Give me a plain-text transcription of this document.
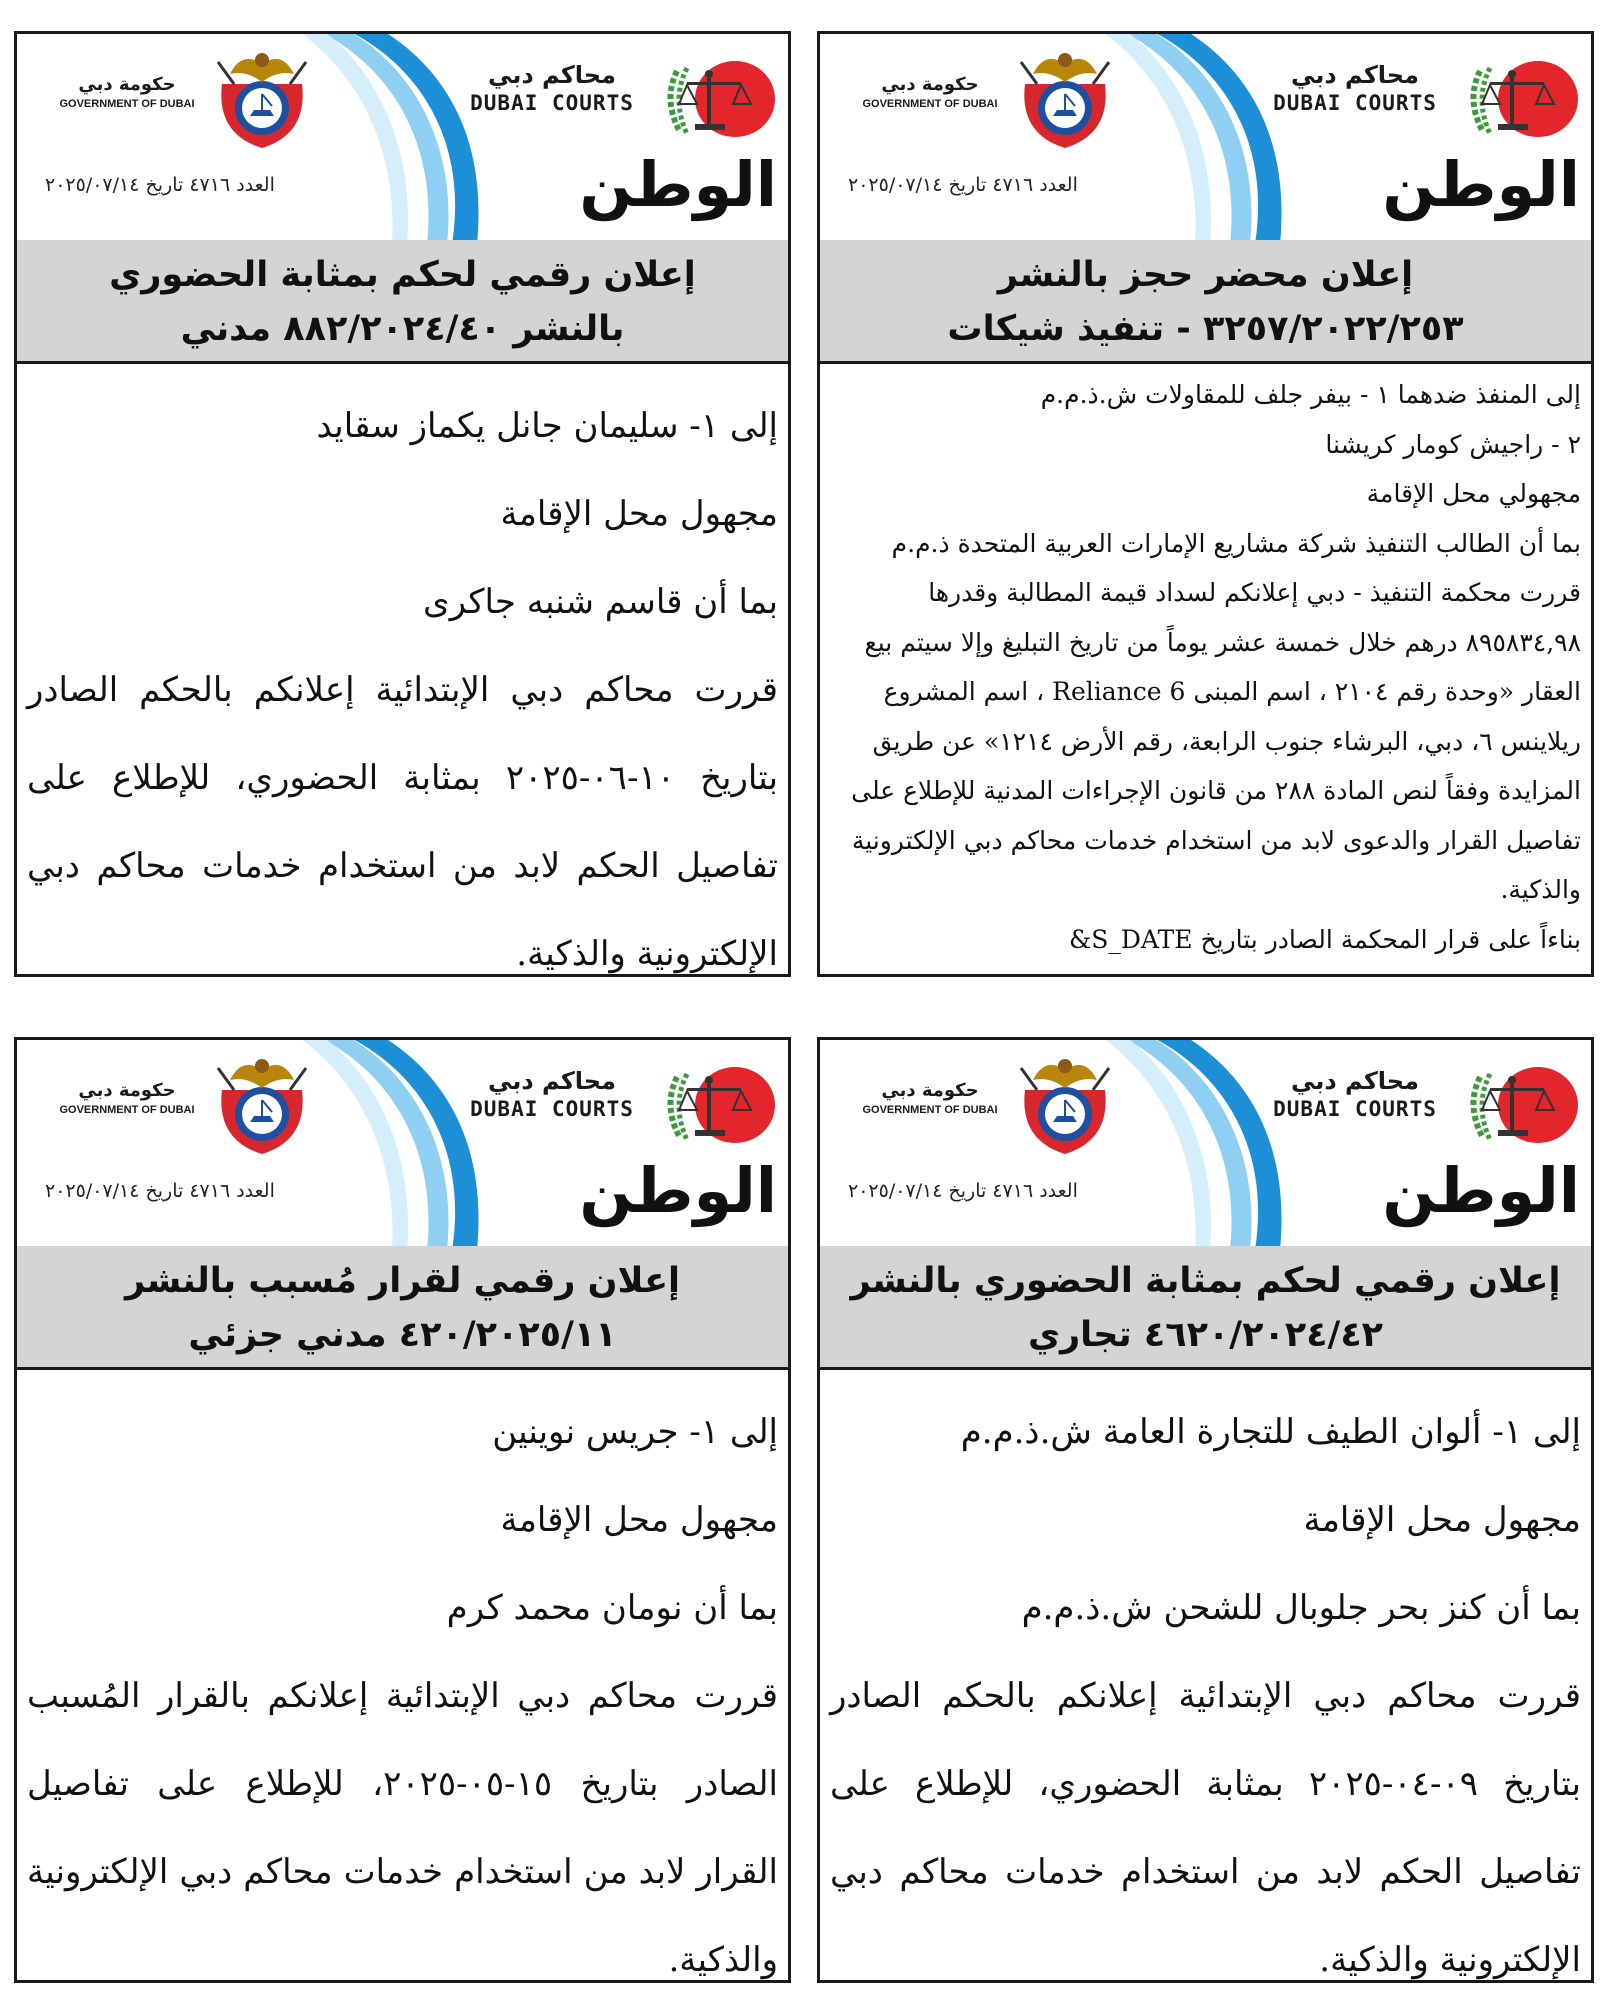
محاكم دبي
DUBAI COURTS
حكومة دبي
GOVERNMENT OF DUBAI
العدد ٤٧١٦ تاريخ ٢٠٢٥/٠٧/١٤	الوطن
إعلان محضر حجز بالنشر
٣٢٥٧/٢٠٢٢/٢٥٣ - تنفيذ شيكات

إلى المنفذ ضدهما ١ - بيفر جلف للمقاولات ش.ذ.م.م

٢ - راجيش كومار كريشنا

مجهولي محل الإقامة

بما أن الطالب التنفيذ شركة مشاريع الإمارات العربية المتحدة ذ.م.م قررت محكمة التنفيذ - دبي إعلانكم لسداد قيمة المطالبة وقدرها ٨٩٥٨٣٤,٩٨ درهم خلال خمسة عشر يوماً من تاريخ التبليغ وإلا سيتم بيع العقار «وحدة رقم ٢١٠٤ ، اسم المبنى Reliance 6 ، اسم المشروع ريلاينس ٦، دبي، البرشاء جنوب الرابعة، رقم الأرض ١٢١٤» عن طريق المزايدة وفقاً لنص المادة ٢٨٨ من قانون الإجراءات المدنية للإطلاع على تفاصيل القرار والدعوى لابد من استخدام خدمات محاكم دبي الإلكترونية والذكية.

بناءاً على قرار المحكمة الصادر بتاريخ S_DATE&

محاكم دبي
DUBAI COURTS
حكومة دبي
GOVERNMENT OF DUBAI
العدد ٤٧١٦ تاريخ ٢٠٢٥/٠٧/١٤	الوطن
إعلان رقمي لحكم بمثابة الحضوري
بالنشر ٨٨٢/٢٠٢٤/٤٠ مدني

إلى ١- سليمان جانل يكماز سقايد

مجهول محل الإقامة

بما أن قاسم شنبه جاكرى

قررت محاكم دبي الإبتدائية إعلانكم بالحكم الصادر بتاريخ ١٠-٠٦-٢٠٢٥ بمثابة الحضوري، للإطلاع على تفاصيل الحكم لابد من استخدام خدمات محاكم دبي الإلكترونية والذكية.

محاكم دبي
DUBAI COURTS
حكومة دبي
GOVERNMENT OF DUBAI
العدد ٤٧١٦ تاريخ ٢٠٢٥/٠٧/١٤	الوطن
إعلان رقمي لحكم بمثابة الحضوري بالنشر
٤٦٢٠/٢٠٢٤/٤٢ تجاري

إلى ١- ألوان الطيف للتجارة العامة ش.ذ.م.م

مجهول محل الإقامة

بما أن كنز بحر جلوبال للشحن ش.ذ.م.م

قررت محاكم دبي الإبتدائية إعلانكم بالحكم الصادر بتاريخ ٠٩-٠٤-٢٠٢٥ بمثابة الحضوري، للإطلاع على تفاصيل الحكم لابد من استخدام خدمات محاكم دبي الإلكترونية والذكية.

محاكم دبي
DUBAI COURTS
حكومة دبي
GOVERNMENT OF DUBAI
العدد ٤٧١٦ تاريخ ٢٠٢٥/٠٧/١٤	الوطن
إعلان رقمي لقرار مُسبب بالنشر
٤٢٠/٢٠٢٥/١١ مدني جزئي

إلى ١- جريس نوينين

مجهول محل الإقامة

بما أن نومان محمد كرم

قررت محاكم دبي الإبتدائية إعلانكم بالقرار المُسبب الصادر بتاريخ ١٥-٠٥-٢٠٢٥، للإطلاع على تفاصيل القرار لابد من استخدام خدمات محاكم دبي الإلكترونية والذكية.
